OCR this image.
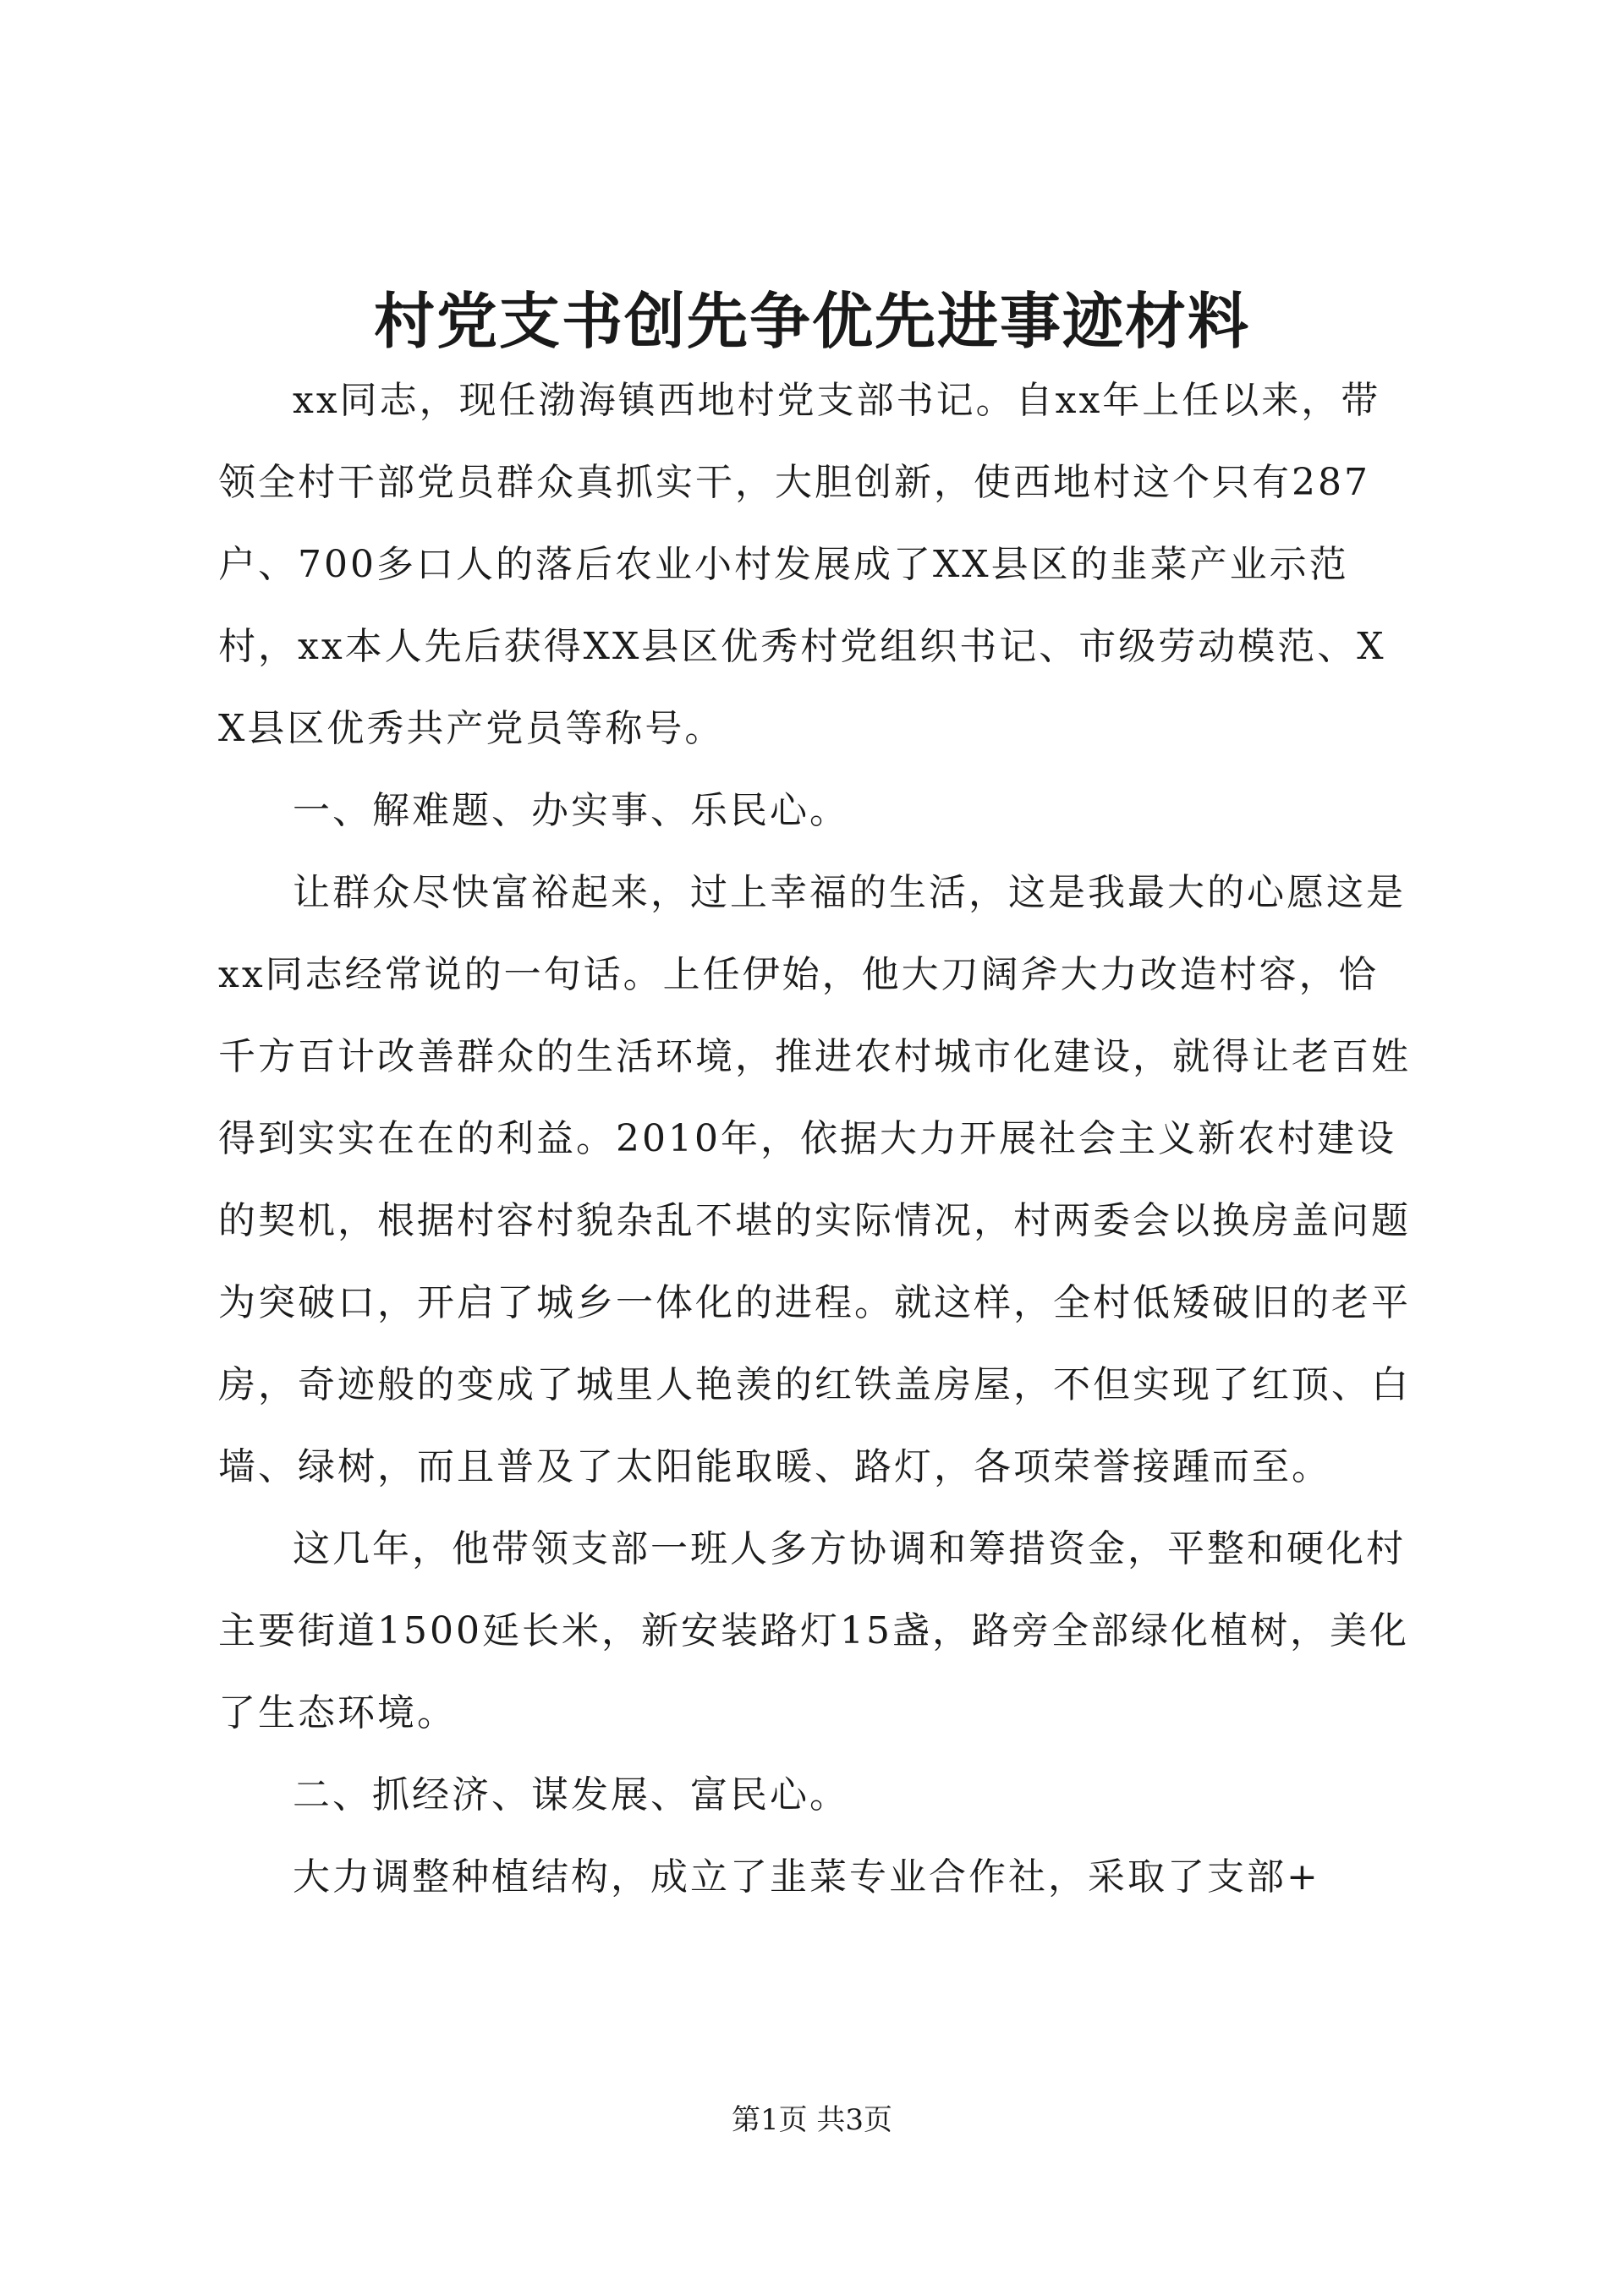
村党支书创先争优先进事迹材料

xx同志，现任渤海镇西地村党支部书记。自xx年上任以来，带领全村干部党员群众真抓实干，大胆创新，使西地村这个只有287户、700多口人的落后农业小村发展成了XX县区的韭菜产业示范村，xx本人先后获得XX县区优秀村党组织书记、市级劳动模范、XX县区优秀共产党员等称号。

一、解难题、办实事、乐民心。

让群众尽快富裕起来，过上幸福的生活，这是我最大的心愿这是xx同志经常说的一句话。上任伊始，他大刀阔斧大力改造村容，恰千方百计改善群众的生活环境，推进农村城市化建设，就得让老百姓得到实实在在的利益。2010年，依据大力开展社会主义新农村建设的契机，根据村容村貌杂乱不堪的实际情况，村两委会以换房盖问题为突破口，开启了城乡一体化的进程。就这样，全村低矮破旧的老平房，奇迹般的变成了城里人艳羡的红铁盖房屋，不但实现了红顶、白墙、绿树，而且普及了太阳能取暖、路灯，各项荣誉接踵而至。

这几年，他带领支部一班人多方协调和筹措资金，平整和硬化村主要街道1500延长米，新安装路灯15盏，路旁全部绿化植树，美化了生态环境。

二、抓经济、谋发展、富民心。

大力调整种植结构，成立了韭菜专业合作社，采取了支部+

第1页 共3页
